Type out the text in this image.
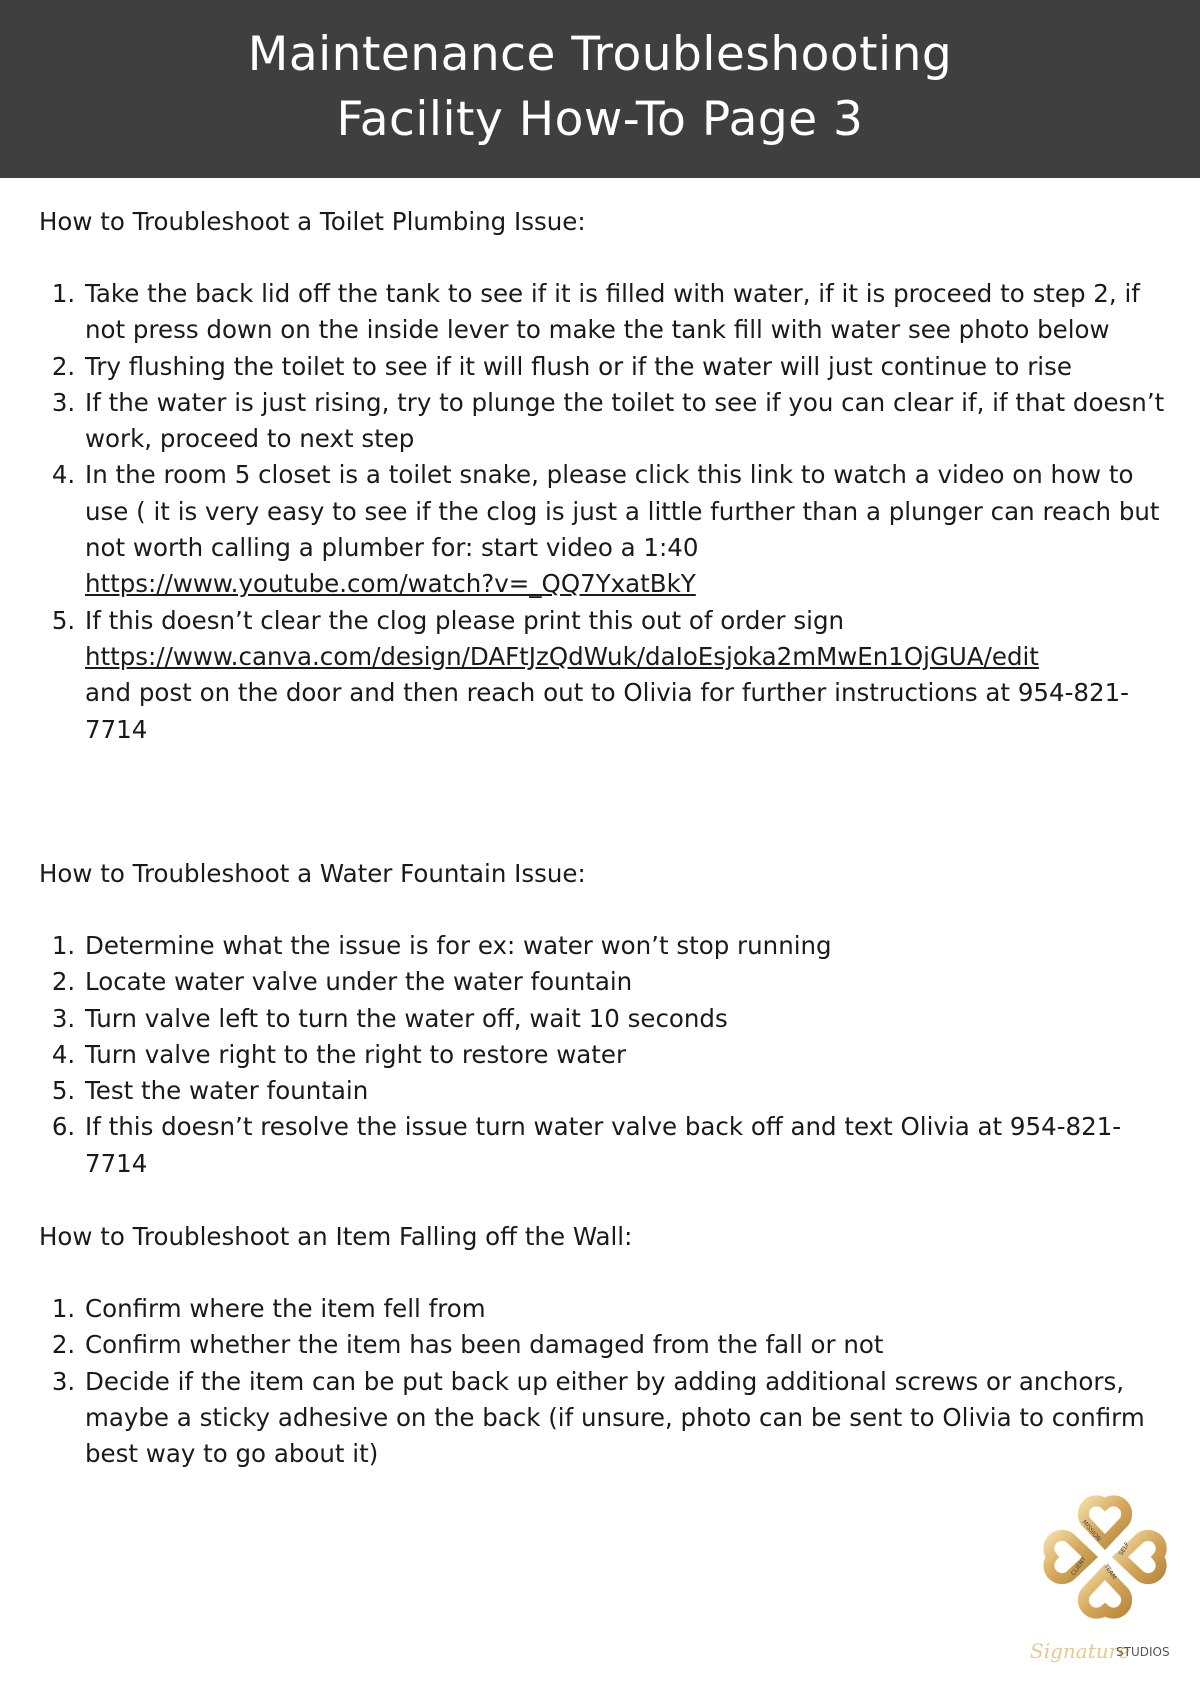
Maintenance Troubleshooting
Facility How-To Page 3
How to Troubleshoot a Toilet Plumbing Issue:
1. Take the back lid off the tank to see if it is filled with water, if it is proceed to step 2, if not press down on the inside lever to make the tank fill with water see photo below
2. Try flushing the toilet to see if it will flush or if the water will just continue to rise
3. If the water is just rising, try to plunge the toilet to see if you can clear if, if that doesn’t work, proceed to next step
4. In the room 5 closet is a toilet snake, please click this link to watch a video on how to use ( it is very easy to see if the clog is just a little further than a plunger can reach but not worth calling a plumber for: start video a 1:40
https://www.youtube.com/watch?v=_QQ7YxatBkY
5. If this doesn’t clear the clog please print this out of order sign
https://www.canva.com/design/DAFtJzQdWuk/daIoEsjoka2mMwEn1OjGUA/edit
and post on the door and then reach out to Olivia for further instructions at 954-821-7714
How to Troubleshoot a Water Fountain Issue:
1. Determine what the issue is for ex: water won’t stop running
2. Locate water valve under the water fountain
3. Turn valve left to turn the water off, wait 10 seconds
4. Turn valve right to the right to restore water
5. Test the water fountain
6. If this doesn’t resolve the issue turn water valve back off and text Olivia at 954-821-7714
How to Troubleshoot an Item Falling off the Wall:
1. Confirm where the item fell from
2. Confirm whether the item has been damaged from the fall or not
3. Decide if the item can be put back up either by adding additional screws or anchors, maybe a sticky adhesive on the back (if unsure, photo can be sent to Olivia to confirm best way to go about it)
MISSION
SELF
CLIENT TEAM
Signature
STUDIOS
